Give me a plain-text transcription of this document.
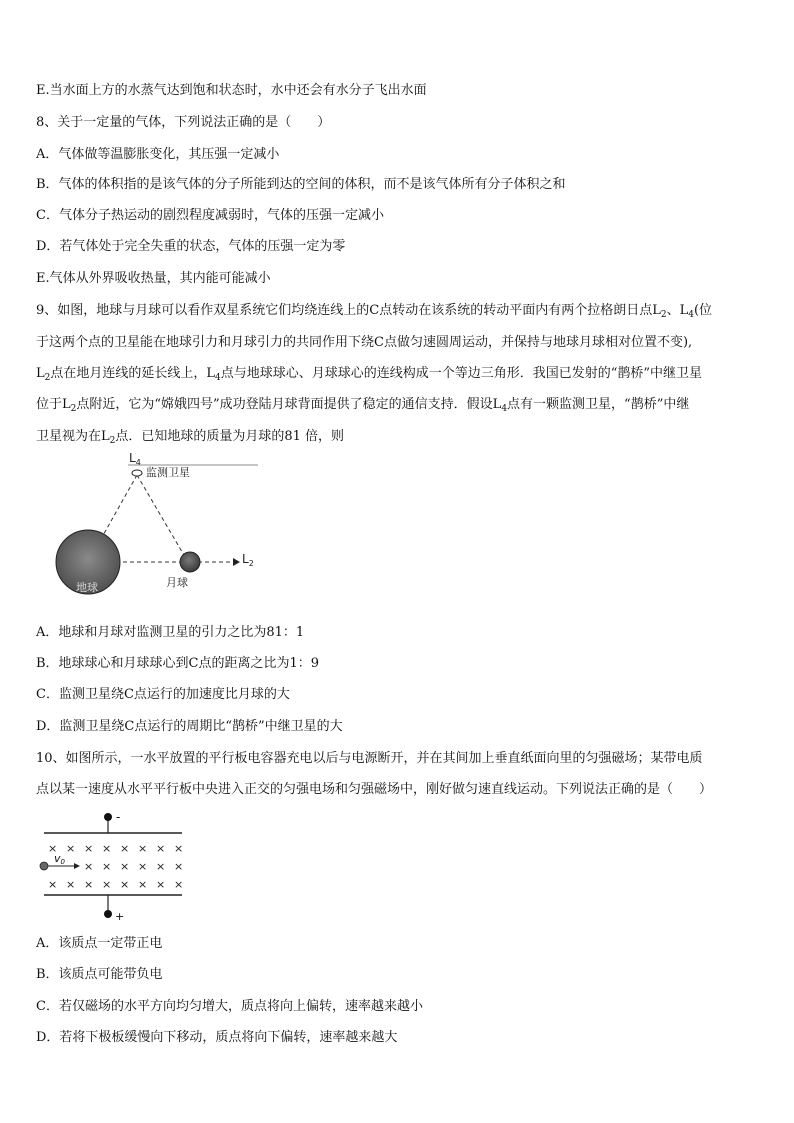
E.当水面上方的水蒸气达到饱和状态时，水中还会有水分子飞出水面
8、关于一定量的气体，下列说法正确的是（　　）
A．气体做等温膨胀变化，其压强一定减小
B．气体的体积指的是该气体的分子所能到达的空间的体积，而不是该气体所有分子体积之和
C．气体分子热运动的剧烈程度减弱时，气体的压强一定减小
D．若气体处于完全失重的状态，气体的压强一定为零
E.气体从外界吸收热量，其内能可能减小
9、如图，地球与月球可以看作双星系统它们均绕连线上的C点转动在该系统的转动平面内有两个拉格朗日点$L_2$、$L_4$(位
于这两个点的卫星能在地球引力和月球引力的共同作用下绕C点做匀速圆周运动，并保持与地球月球相对位置不变),
$L_2$点在地月连线的延长线上，$L_4$点与地球球心、月球球心的连线构成一个等边三角形．我国已发射的“鹊桥”中继卫星
位于$L_2$点附近，它为“嫦娥四号”成功登陆月球背面提供了稳定的通信支持．假设$L_4$点有一颗监测卫星，“鹊桥”中继
卫星视为在$L_2$点．已知地球的质量为月球的81 倍，则
$L_4$
监测卫星
$L_2$
月球
地球
A．地球和月球对监测卫星的引力之比为81：1
B．地球球心和月球球心到C点的距离之比为1：9
C．监测卫星绕C点运行的加速度比月球的大
D．监测卫星绕C点运行的周期比“鹊桥”中继卫星的大
10、如图所示，一水平放置的平行板电容器充电以后与电源断开，并在其间加上垂直纸面向里的匀强磁场；某带电质
点以某一速度从水平平行板中央进入正交的匀强电场和匀强磁场中，刚好做匀速直线运动。下列说法正确的是（　　）
-
+
× × × × × × × ×
× × × × × ×
× × × × × × × ×
v0
A．该质点一定带正电
B．该质点可能带负电
C．若仅磁场的水平方向均匀增大，质点将向上偏转，速率越来越小
D．若将下极板缓慢向下移动，质点将向下偏转，速率越来越大
